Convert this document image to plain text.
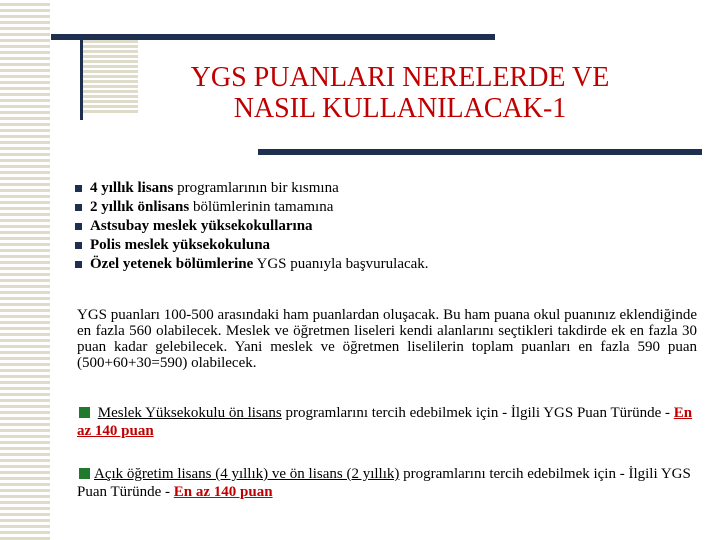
YGS PUANLARI NERELERDE VE
NASIL KULLANILACAK-1
4 yıllık lisans programlarının bir kısmına
2 yıllık önlisans bölümlerinin tamamına
Astsubay meslek yüksekokullarına
Polis meslek yüksekokuluna
Özel yetenek bölümlerine YGS puanıyla başvurulacak.
YGS puanları 100-500 arasındaki ham puanlardan oluşacak. Bu ham puana okul puanınız eklendiğinde en fazla 560 olabilecek. Meslek ve öğretmen liseleri kendi alanlarını seçtikleri takdirde ek en fazla 30 puan kadar gelebilecek. Yani meslek ve öğretmen liselilerin toplam puanları en fazla 590 puan (500+60+30=590) olabilecek.
Meslek Yüksekokulu ön lisans programlarını tercih edebilmek için - İlgili YGS Puan Türünde - En az 140 puan
Açık öğretim lisans (4 yıllık) ve ön lisans (2 yıllık) programlarını tercih edebilmek için - İlgili YGS Puan Türünde - En az 140 puan
